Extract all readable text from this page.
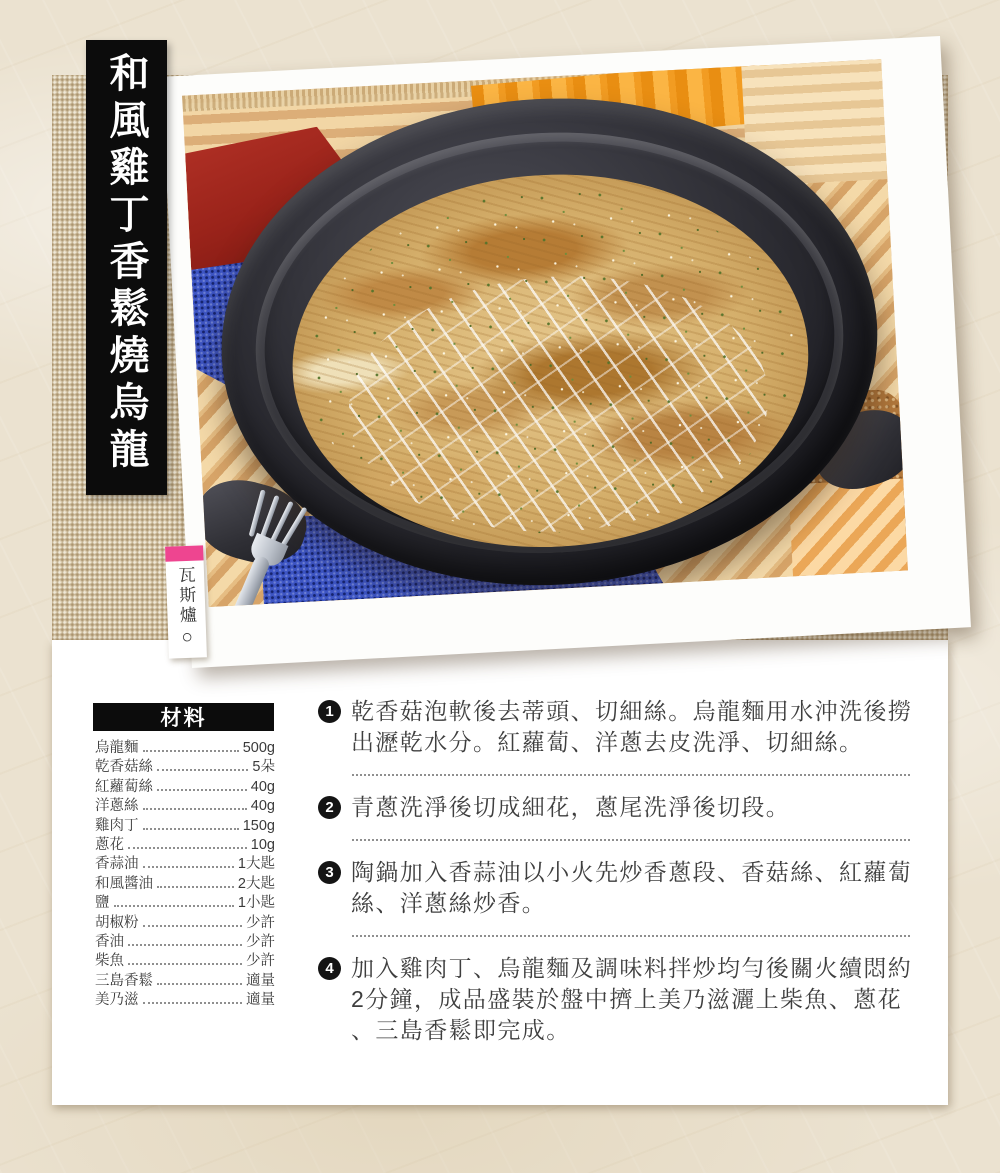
和風雞丁香鬆燒烏龍
瓦斯爐
○
材料
烏龍麵	500g
乾香菇絲	5朵
紅蘿蔔絲	40g
洋蔥絲	40g
雞肉丁	150g
蔥花	10g
香蒜油	1大匙
和風醬油	2大匙
鹽	1小匙
胡椒粉	少許
香油	少許
柴魚	少許
三島香鬆	適量
美乃滋	適量
1 乾香菇泡軟後去蒂頭、切細絲。烏龍麵用水沖洗後撈出瀝乾水分。紅蘿蔔、洋蔥去皮洗淨、切細絲。

2 青蔥洗淨後切成細花，蔥尾洗淨後切段。

3 陶鍋加入香蒜油以小火先炒香蔥段、香菇絲、紅蘿蔔絲、洋蔥絲炒香。

4 加入雞肉丁、烏龍麵及調味料拌炒均勻後關火續悶約2分鐘，成品盛裝於盤中擠上美乃滋灑上柴魚、蔥花、三島香鬆即完成。
